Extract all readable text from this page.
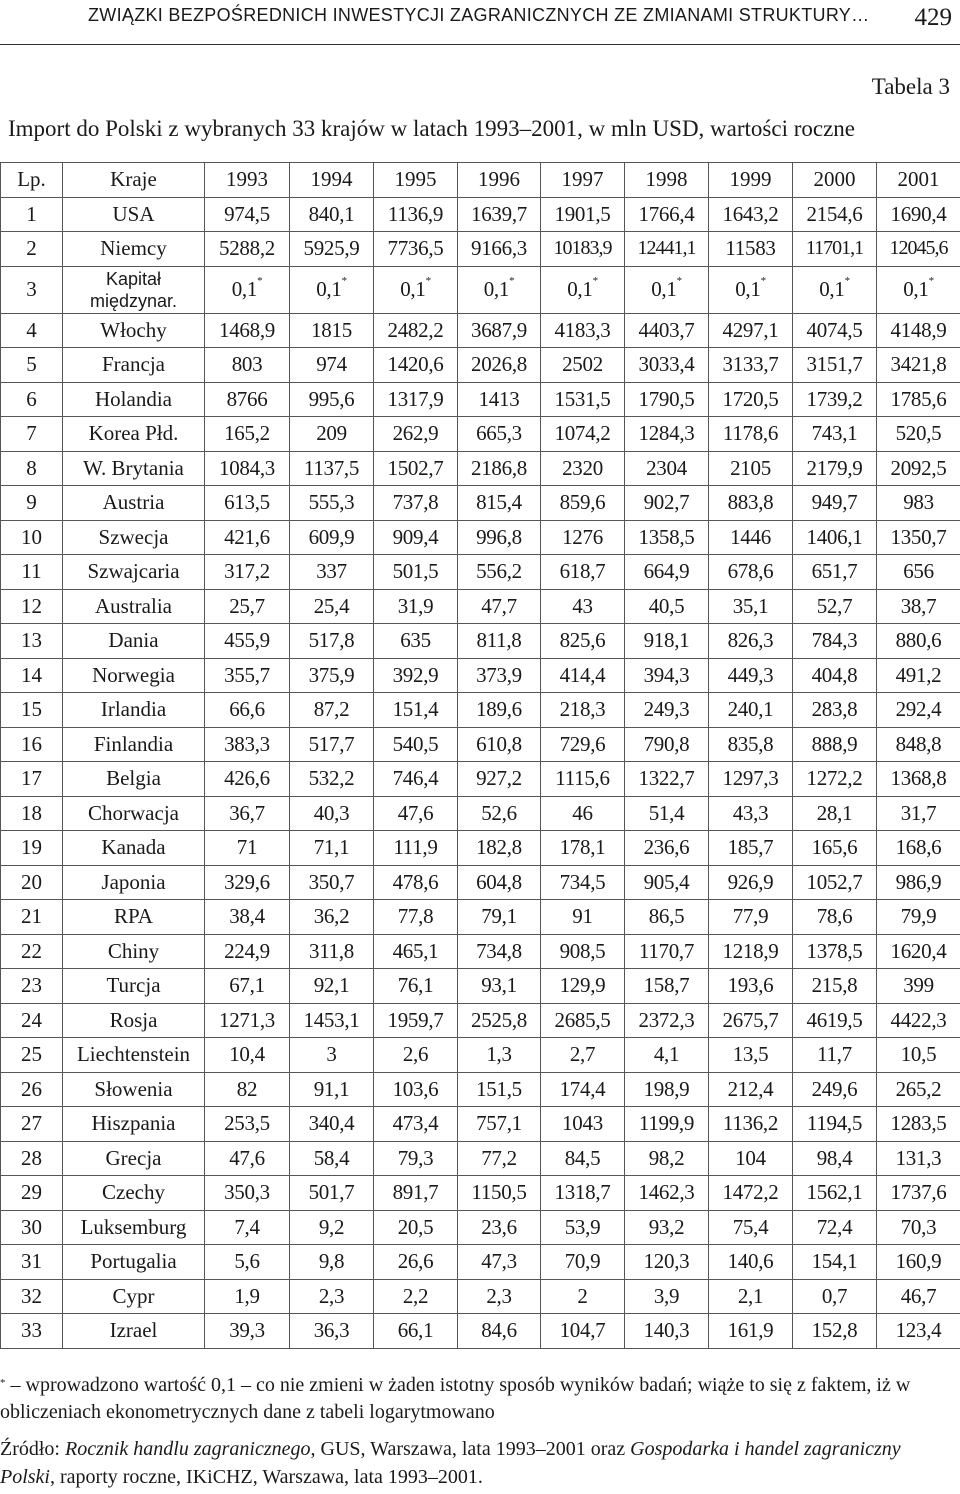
ZWIĄZKI BEZPOŚREDNICH INWESTYCJI ZAGRANICZNYCH ZE ZMIANAMI STRUKTURY… 429
Tabela 3
Import do Polski z wybranych 33 krajów w latach 1993–2001, w mln USD, wartości roczne
Lp.	Kraje	1993	1994	1995	1996	1997	1998	1999	2000	2001
1	USA	974,5	840,1	1136,9	1639,7	1901,5	1766,4	1643,2	2154,6	1690,4
2	Niemcy	5288,2	5925,9	7736,5	9166,3	10183,9	12441,1	11583	11701,1	12045,6
3	Kapitał międzynar.	0,1*	0,1*	0,1*	0,1*	0,1*	0,1*	0,1*	0,1*	0,1*
4	Włochy	1468,9	1815	2482,2	3687,9	4183,3	4403,7	4297,1	4074,5	4148,9
5	Francja	803	974	1420,6	2026,8	2502	3033,4	3133,7	3151,7	3421,8
6	Holandia	8766	995,6	1317,9	1413	1531,5	1790,5	1720,5	1739,2	1785,6
7	Korea Płd.	165,2	209	262,9	665,3	1074,2	1284,3	1178,6	743,1	520,5
8	W. Brytania	1084,3	1137,5	1502,7	2186,8	2320	2304	2105	2179,9	2092,5
9	Austria	613,5	555,3	737,8	815,4	859,6	902,7	883,8	949,7	983
10	Szwecja	421,6	609,9	909,4	996,8	1276	1358,5	1446	1406,1	1350,7
11	Szwajcaria	317,2	337	501,5	556,2	618,7	664,9	678,6	651,7	656
12	Australia	25,7	25,4	31,9	47,7	43	40,5	35,1	52,7	38,7
13	Dania	455,9	517,8	635	811,8	825,6	918,1	826,3	784,3	880,6
14	Norwegia	355,7	375,9	392,9	373,9	414,4	394,3	449,3	404,8	491,2
15	Irlandia	66,6	87,2	151,4	189,6	218,3	249,3	240,1	283,8	292,4
16	Finlandia	383,3	517,7	540,5	610,8	729,6	790,8	835,8	888,9	848,8
17	Belgia	426,6	532,2	746,4	927,2	1115,6	1322,7	1297,3	1272,2	1368,8
18	Chorwacja	36,7	40,3	47,6	52,6	46	51,4	43,3	28,1	31,7
19	Kanada	71	71,1	111,9	182,8	178,1	236,6	185,7	165,6	168,6
20	Japonia	329,6	350,7	478,6	604,8	734,5	905,4	926,9	1052,7	986,9
21	RPA	38,4	36,2	77,8	79,1	91	86,5	77,9	78,6	79,9
22	Chiny	224,9	311,8	465,1	734,8	908,5	1170,7	1218,9	1378,5	1620,4
23	Turcja	67,1	92,1	76,1	93,1	129,9	158,7	193,6	215,8	399
24	Rosja	1271,3	1453,1	1959,7	2525,8	2685,5	2372,3	2675,7	4619,5	4422,3
25	Liechtenstein	10,4	3	2,6	1,3	2,7	4,1	13,5	11,7	10,5
26	Słowenia	82	91,1	103,6	151,5	174,4	198,9	212,4	249,6	265,2
27	Hiszpania	253,5	340,4	473,4	757,1	1043	1199,9	1136,2	1194,5	1283,5
28	Grecja	47,6	58,4	79,3	77,2	84,5	98,2	104	98,4	131,3
29	Czechy	350,3	501,7	891,7	1150,5	1318,7	1462,3	1472,2	1562,1	1737,6
30	Luksemburg	7,4	9,2	20,5	23,6	53,9	93,2	75,4	72,4	70,3
31	Portugalia	5,6	9,8	26,6	47,3	70,9	120,3	140,6	154,1	160,9
32	Cypr	1,9	2,3	2,2	2,3	2	3,9	2,1	0,7	46,7
33	Izrael	39,3	36,3	66,1	84,6	104,7	140,3	161,9	152,8	123,4
* – wprowadzono wartość 0,1 – co nie zmieni w żaden istotny sposób wyników badań; wiąże to się z faktem, iż w obliczeniach ekonometrycznych dane z tabeli logarytmowano
Źródło: Rocznik handlu zagranicznego, GUS, Warszawa, lata 1993–2001 oraz Gospodarka i handel zagraniczny Polski, raporty roczne, IKiCHZ, Warszawa, lata 1993–2001.
